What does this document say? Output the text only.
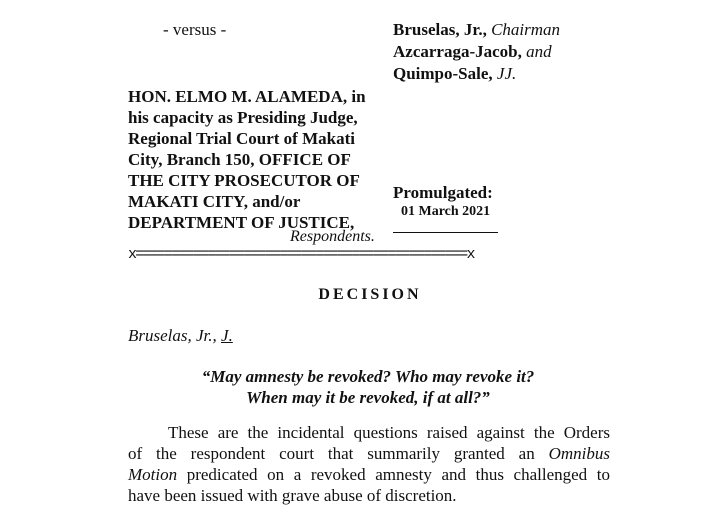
- versus -	Bruselas, Jr., Chairman
Azcarraga-Jacob, and
Quimpo-Sale, JJ.
HON. ELMO M. ALAMEDA, in
his capacity as Presiding Judge,
Regional Trial Court of Makati
City, Branch 150, OFFICE OF
THE CITY PROSECUTOR OF
MAKATI CITY, and/or
DEPARTMENT OF JUSTICE,
Promulgated:
01 March 2021
Respondents.
x==============================================x
DECISION
Bruselas, Jr., J.
“May amnesty be revoked? Who may revoke it?
When may it be revoked, if at all?”

These are the incidental questions raised against the Orders

of the respondent court that summarily granted an Omnibus

Motion predicated on a revoked amnesty and thus challenged to

have been issued with grave abuse of discretion.
